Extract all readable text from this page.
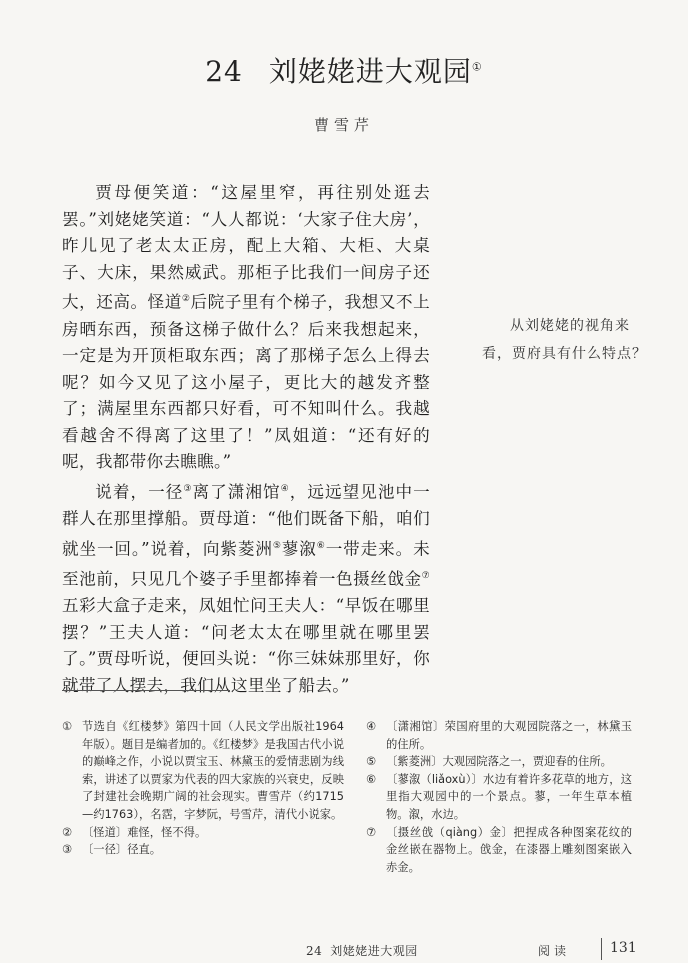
24 刘姥姥进大观园①
曹雪芹

贾母便笑道：“这屋里窄，再往别处逛去罢。”刘姥姥笑道：“人人都说：‘大家子住大房’，昨儿见了老太太正房，配上大箱、大柜、大桌子、大床，果然威武。那柜子比我们一间房子还大，还高。怪道②后院子里有个梯子，我想又不上房晒东西，预备这梯子做什么？后来我想起来，一定是为开顶柜取东西；离了那梯子怎么上得去呢？如今又见了这小屋子，更比大的越发齐整了；满屋里东西都只好看，可不知叫什么。我越看越舍不得离了这里了！”凤姐道：“还有好的呢，我都带你去瞧瞧。”

说着，一径③离了潇湘馆④，远远望见池中一群人在那里撑船。贾母道：“他们既备下船，咱们就坐一回。”说着，向紫菱洲⑤蓼溆⑥一带走来。未至池前，只见几个婆子手里都捧着一色摄丝戗金⑦五彩大盒子走来，凤姐忙问王夫人：“早饭在哪里摆？”王夫人道：“问老太太在哪里就在哪里罢了。”贾母听说，便回头说：“你三妹妹那里好，你就带了人摆去，我们从这里坐了船去。”

从刘姥姥的视角来看，贾府具有什么特点？
① 节选自《红楼梦》第四十回（人民文学出版社1964年版）。题目是编者加的。《红楼梦》是我国古代小说的巅峰之作，小说以贾宝玉、林黛玉的爱情悲剧为线索，讲述了以贾家为代表的四大家族的兴衰史，反映了封建社会晚期广阔的社会现实。曹雪芹（约1715—约1763），名霑，字梦阮，号雪芹，清代小说家。
② 〔怪道〕难怪，怪不得。
③ 〔一径〕径直。
④ 〔潇湘馆〕荣国府里的大观园院落之一，林黛玉的住所。
⑤ 〔紫菱洲〕大观园院落之一，贾迎春的住所。
⑥ 〔蓼溆（liǎoxù）〕水边有着许多花草的地方，这里指大观园中的一个景点。蓼，一年生草本植物。溆，水边。
⑦ 〔摄丝戗（qiàng）金〕把捏成各种图案花纹的金丝嵌在器物上。戗金，在漆器上雕刻图案嵌入赤金。
24 刘姥姥进大观园	阅读	131
